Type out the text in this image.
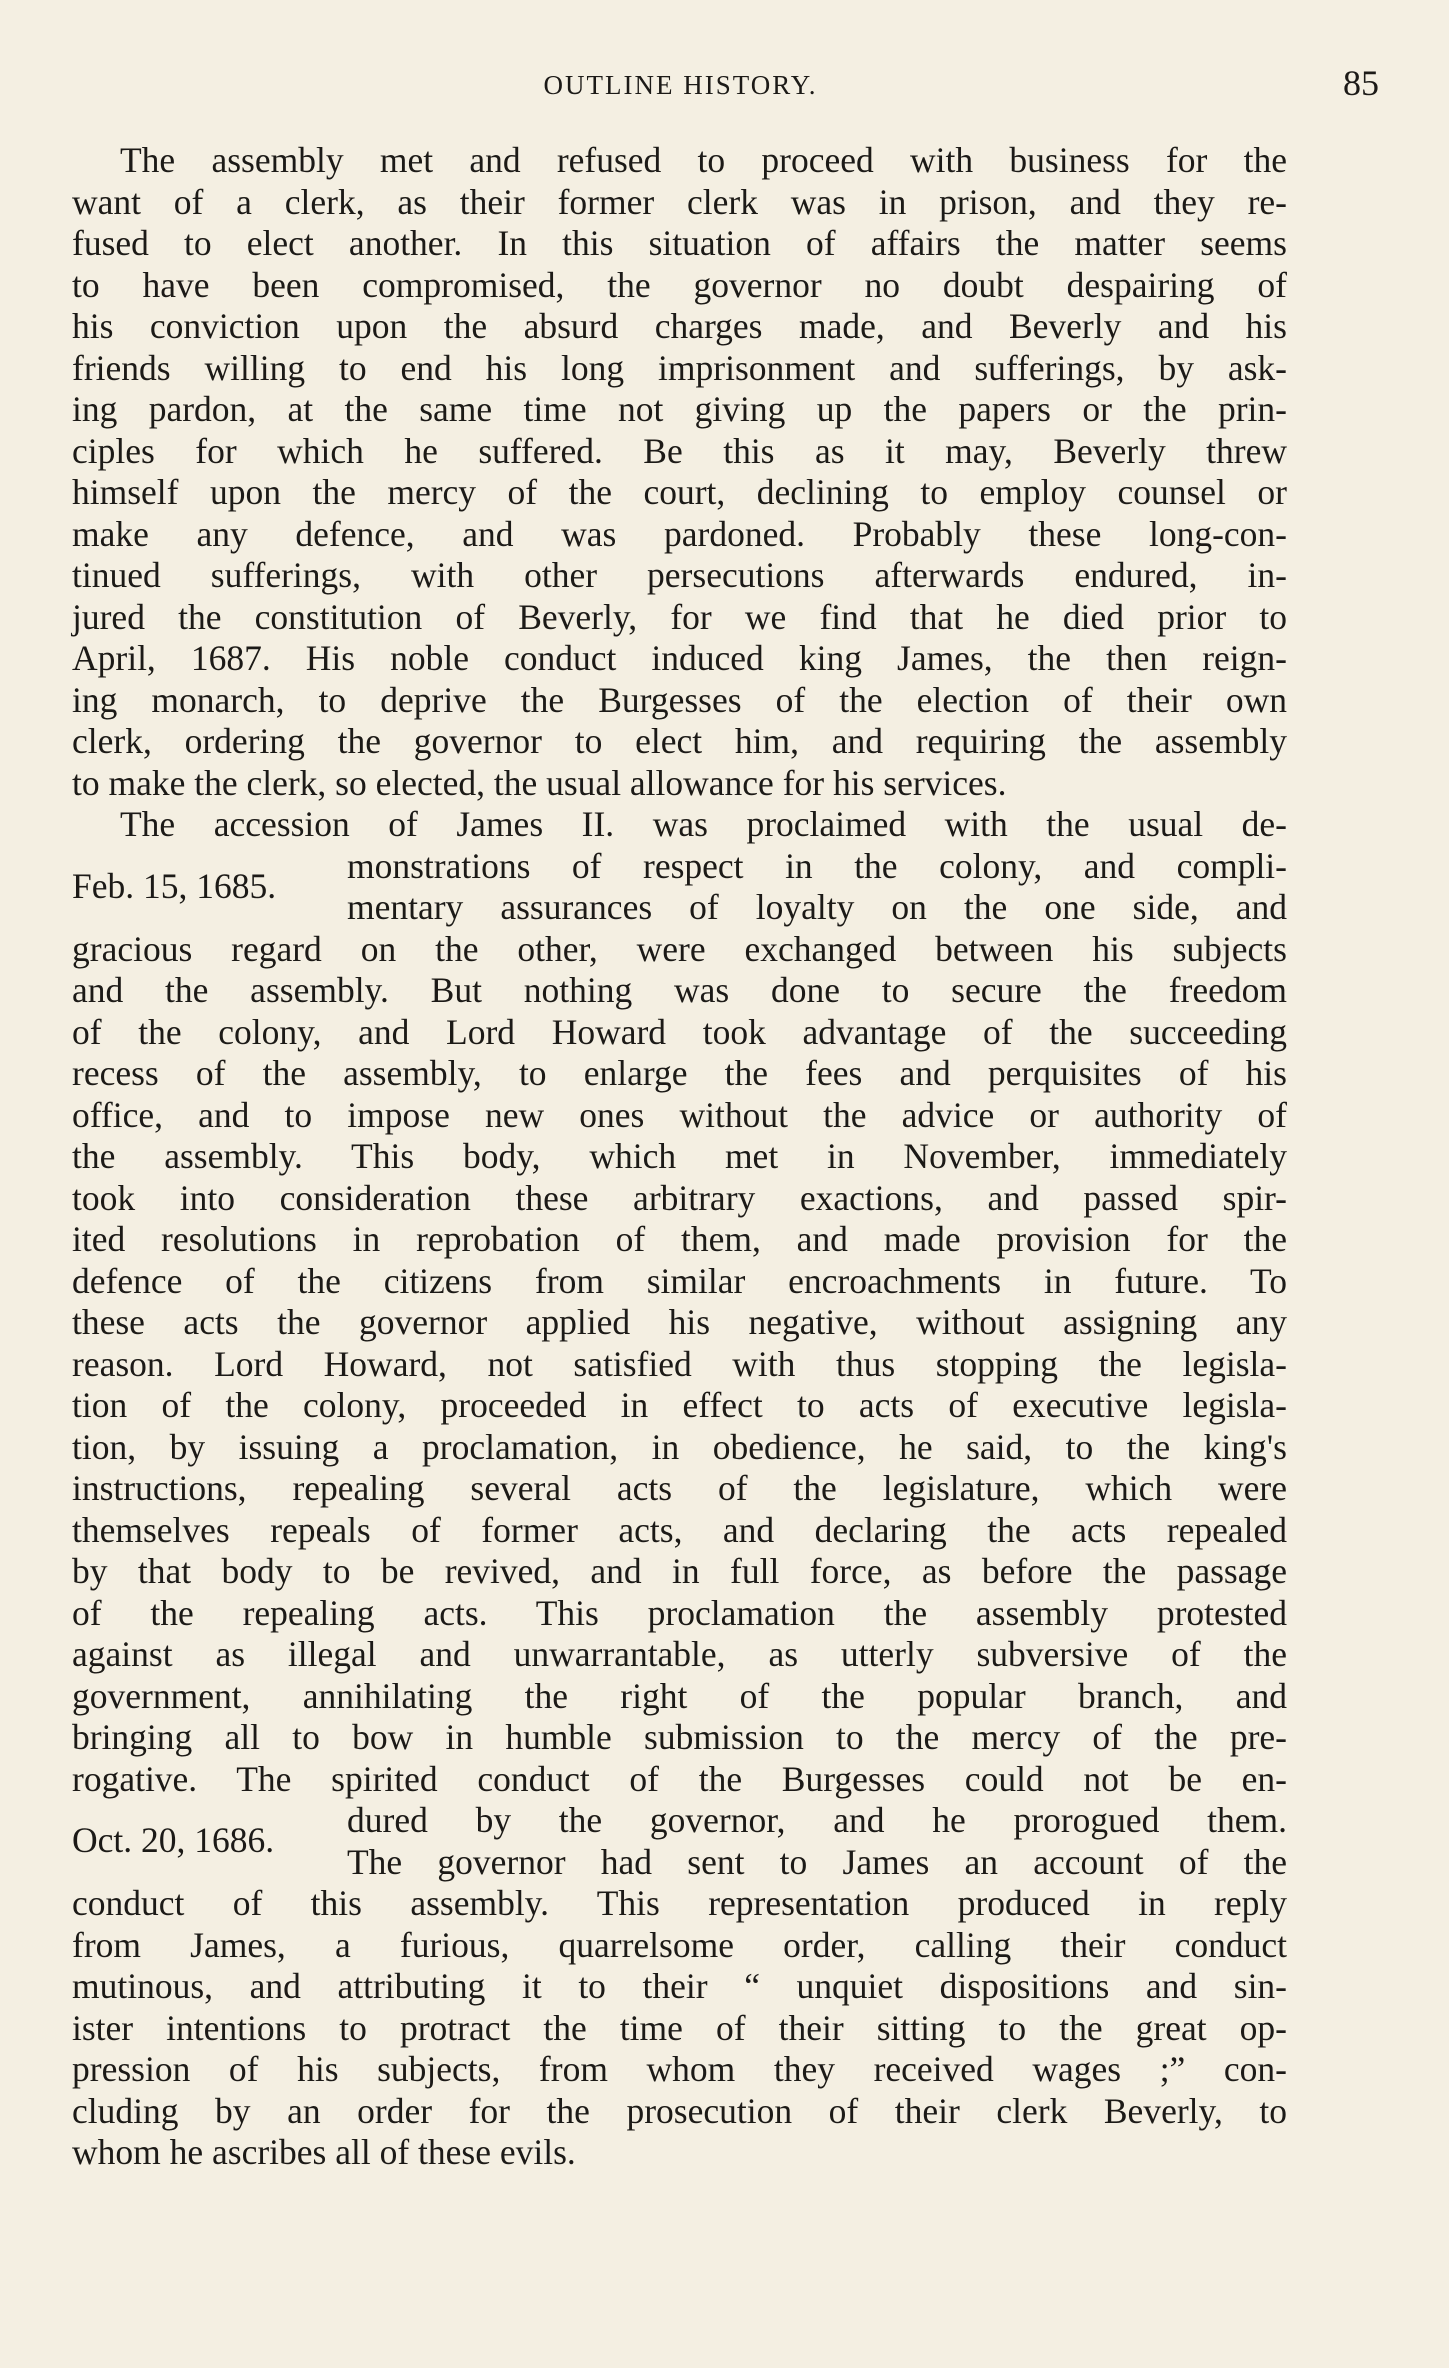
OUTLINE HISTORY.	85
The assembly met and refused to proceed with business for the
want of a clerk, as their former clerk was in prison, and they re-
fused to elect another. In this situation of affairs the matter seems
to have been compromised, the governor no doubt despairing of
his conviction upon the absurd charges made, and Beverly and his
friends willing to end his long imprisonment and sufferings, by ask-
ing pardon, at the same time not giving up the papers or the prin-
ciples for which he suffered. Be this as it may, Beverly threw
himself upon the mercy of the court, declining to employ counsel or
make any defence, and was pardoned. Probably these long-con-
tinued sufferings, with other persecutions afterwards endured, in-
jured the constitution of Beverly, for we find that he died prior to
April, 1687. His noble conduct induced king James, the then reign-
ing monarch, to deprive the Burgesses of the election of their own
clerk, ordering the governor to elect him, and requiring the assembly
to make the clerk, so elected, the usual allowance for his services.
The accession of James II. was proclaimed with the usual de-
Feb. 15, 1685. monstrations of respect in the colony, and compli-
mentary assurances of loyalty on the one side, and
gracious regard on the other, were exchanged between his subjects
and the assembly. But nothing was done to secure the freedom
of the colony, and Lord Howard took advantage of the succeeding
recess of the assembly, to enlarge the fees and perquisites of his
office, and to impose new ones without the advice or authority of
the assembly. This body, which met in November, immediately
took into consideration these arbitrary exactions, and passed spir-
ited resolutions in reprobation of them, and made provision for the
defence of the citizens from similar encroachments in future. To
these acts the governor applied his negative, without assigning any
reason. Lord Howard, not satisfied with thus stopping the legisla-
tion of the colony, proceeded in effect to acts of executive legisla-
tion, by issuing a proclamation, in obedience, he said, to the king's
instructions, repealing several acts of the legislature, which were
themselves repeals of former acts, and declaring the acts repealed
by that body to be revived, and in full force, as before the passage
of the repealing acts. This proclamation the assembly protested
against as illegal and unwarrantable, as utterly subversive of the
government, annihilating the right of the popular branch, and
bringing all to bow in humble submission to the mercy of the pre-
rogative. The spirited conduct of the Burgesses could not be en-
Oct. 20, 1686. dured by the governor, and he prorogued them.
The governor had sent to James an account of the
conduct of this assembly. This representation produced in reply
from James, a furious, quarrelsome order, calling their conduct
mutinous, and attributing it to their “ unquiet dispositions and sin-
ister intentions to protract the time of their sitting to the great op-
pression of his subjects, from whom they received wages ;” con-
cluding by an order for the prosecution of their clerk Beverly, to
whom he ascribes all of these evils.
